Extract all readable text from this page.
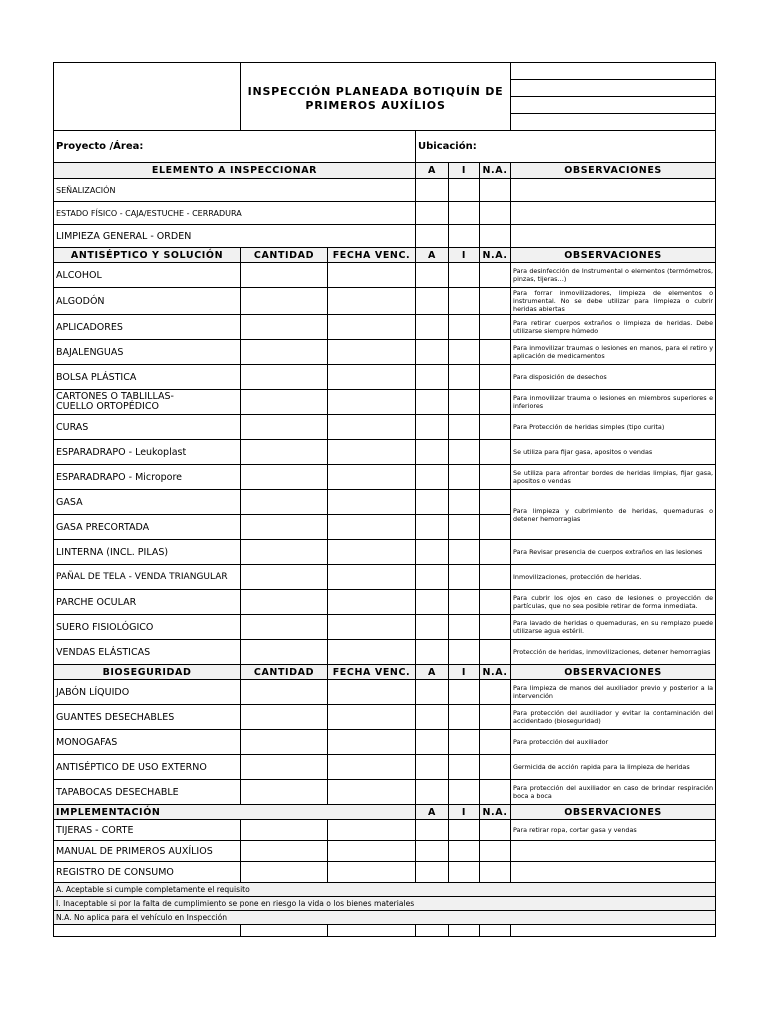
	INSPECCIÓN PLANEADA BOTIQUÍN DE
PRIMEROS AUXÍLIOS					

Proyecto /Área:			Ubicación:			
ELEMENTO A INSPECCIONAR			A	I	N.A.	OBSERVACIONES
SEÑALIZACIÓN						
ESTADO FÍSICO - CAJA/ESTUCHE - CERRADURA						
LIMPIEZA GENERAL - ORDEN						
ANTISÉPTICO Y SOLUCIÓN	CANTIDAD	FECHA VENC.	A	I	N.A.	OBSERVACIONES
ALCOHOL						Para desinfección de Instrumental o elementos (termómetros, pinzas, tijeras…)
ALGODÓN						Para forrar inmovilizadores, limpieza de elementos o instrumental. No se debe utilizar para limpieza o cubrir heridas abiertas
APLICADORES						Para retirar cuerpos extraños o limpieza de heridas. Debe utilizarse siempre húmedo
BAJALENGUAS						Para inmovilizar traumas o lesiones en manos, para el retiro y aplicación de medicamentos
BOLSA PLÁSTICA						Para disposición de desechos

CARTONES O TABLILLAS-
CUELLO ORTOPÉDICO						Para inmovilizar trauma o lesiones en miembros superiores e inferiores
CURAS						Para Protección de heridas simples (tipo curita)
ESPARADRAPO - Leukoplast						Se utiliza para fijar gasa, apositos o vendas
ESPARADRAPO - Micropore						Se utiliza para afrontar bordes de heridas limpias, fijar gasa, apositos o vendas
GASA						Para limpieza y cubrimiento de heridas, quemaduras o detener hemorragias
GASA PRECORTADA						
LINTERNA (INCL. PILAS)						Para Revisar presencia de cuerpos extraños en las lesiones
PAÑAL DE TELA - VENDA TRIANGULAR						Inmovilizaciones, protección de heridas.
PARCHE OCULAR						Para cubrir los ojos en caso de lesiones o proyección de partículas, que no sea posible retirar de forma inmediata.
SUERO FISIOLÓGICO						Para lavado de heridas o quemaduras, en su remplazo puede utilizarse agua estéril.
VENDAS ELÁSTICAS						Protección de heridas, inmovilizaciones, detener hemorragias
BIOSEGURIDAD	CANTIDAD	FECHA VENC.	A	I	N.A.	OBSERVACIONES
JABÓN LÍQUIDO						Para limpieza de manos del auxiliador previo y posterior a la intervención
GUANTES DESECHABLES						Para protección del auxiliador y evitar la contaminación del accidentado (bioseguridad)
MONOGAFAS						Para protección del auxiliador
ANTISÉPTICO DE USO EXTERNO						Germicida de acción rapida para la limpieza de heridas
TAPABOCAS DESECHABLE						Para protección del auxiliador en caso de brindar respiración boca a boca
IMPLEMENTACIÓN			A	I	N.A.	OBSERVACIONES
TIJERAS - CORTE						Para retirar ropa, cortar gasa y vendas
MANUAL DE PRIMEROS AUXÍLIOS						
REGISTRO DE CONSUMO						
A. Aceptable si cumple completamente el requisito						
I. Inaceptable si por la falta de cumplimiento se pone en riesgo la vida o los bienes materiales						
N.A. No aplica para el vehículo en Inspección						
